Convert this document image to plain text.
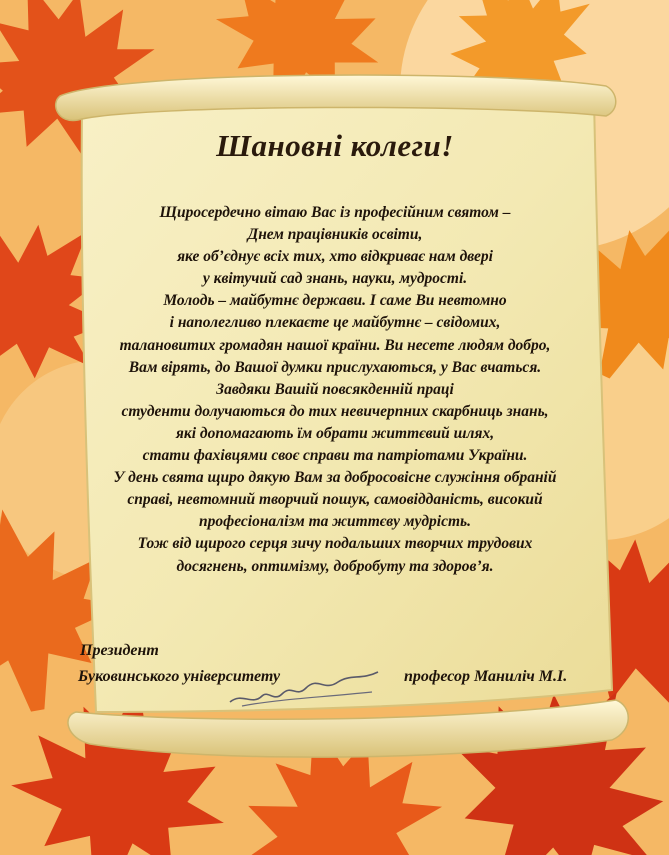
Шановні колеги!
Щиросердечно вітаю Вас із професійним святом –
Днем працівників освіти,
яке об’єднує всіх тих, хто відкриває нам двері
у квітучий сад знань, науки, мудрості.
Молодь – майбутнє держави. І саме Ви невтомно
і наполегливо плекаєте це майбутнє – свідомих,
талановитих громадян нашої країни. Ви несете людям добро,
Вам вірять, до Вашої думки прислухаються, у Вас вчаться.
Завдяки Вашій повсякденній праці
студенти долучаються до тих невичерпних скарбниць знань,
які допомагають їм обрати життєвий шлях,
стати фахівцями своє справи та патріотами України.
У день свята щиро дякую Вам за добросовісне служіння обраній
справі, невтомний творчий пошук, самовідданість, високий
професіоналізм та життєву мудрість.
Тож від щирого серця зичу подальших творчих трудових
досягнень, оптимізму, добробуту та здоров’я.
Президент
Буковинського університету	професор Маниліч М.І.
